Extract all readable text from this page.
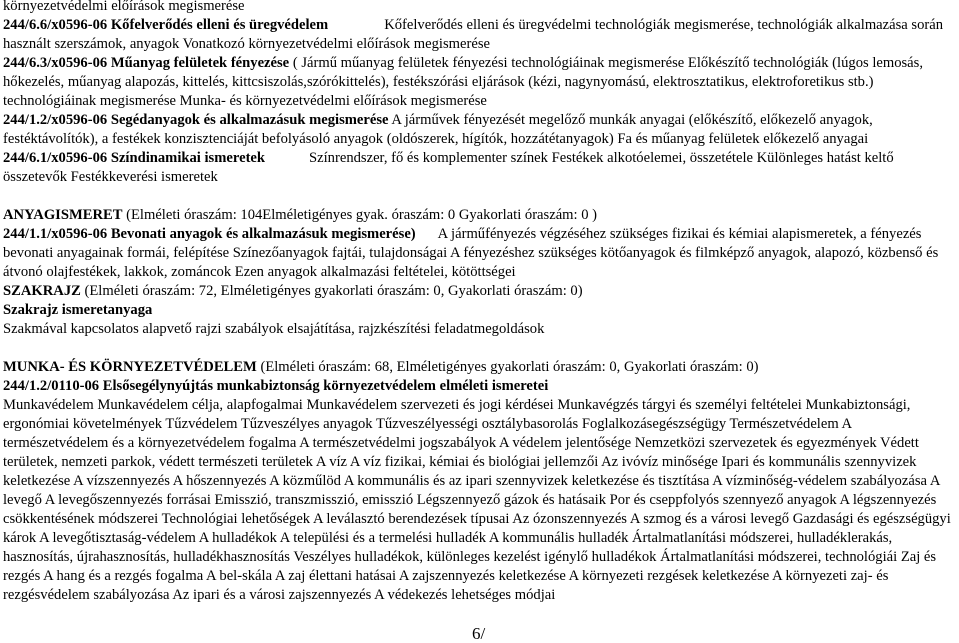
környezetvédelmi előírások megismerése

244/6.6/x0596-06 Kőfelverődés elleni és üregvédelem	Kőfelverődés elleni és üregvédelmi technológiák megismerése, technológiák alkalmazása során használt szerszámok, anyagok Vonatkozó környezetvédelmi előírások megismerése

244/6.3/x0596-06 Műanyag felületek fényezése ( Jármű műanyag felületek fényezési technológiáinak megismerése Előkészítő technológiák (lúgos lemosás, hőkezelés, műanyag alapozás, kittelés, kittcsiszolás,szórókittelés), festékszórási eljárások (kézi, nagynyomású, elektrosztatikus, elektroforetikus stb.) technológiáinak megismerése Munka- és környezetvédelmi előírások megismerése

244/1.2/x0596-06 Segédanyagok és alkalmazásuk megismerése A járművek fényezését megelőző munkák anyagai (előkészítő, előkezelő anyagok, festéktávolítók), a festékek konzisztenciáját befolyásoló anyagok (oldószerek, hígítók, hozzátétanyagok) Fa és műanyag felületek előkezelő anyagai

244/6.1/x0596-06 Színdinamikai ismeretek	Színrendszer, fő és komplementer színek Festékek alkotóelemei, összetétele Különleges hatást keltő összetevők Festékkeverési ismeretek

ANYAGISMERET (Elméleti óraszám: 104Elméletigényes gyak. óraszám: 0 Gyakorlati óraszám: 0 )

244/1.1/x0596-06 Bevonati anyagok és alkalmazásuk megismerése) A járműfényezés végzéséhez szükséges fizikai és kémiai alapismeretek, a fényezés bevonati anyagainak formái, felépítése Színezőanyagok fajtái, tulajdonságai A fényezéshez szükséges kötőanyagok és filmképző anyagok, alapozó, közbenső és átvonó olajfestékek, lakkok, zománcok Ezen anyagok alkalmazási feltételei, kötöttségei

SZAKRAJZ (Elméleti óraszám: 72, Elméletigényes gyakorlati óraszám: 0, Gyakorlati óraszám: 0)

Szakrajz ismeretanyaga

Szakmával kapcsolatos alapvető rajzi szabályok elsajátítása, rajzkészítési feladatmegoldások

MUNKA- ÉS KÖRNYEZETVÉDELEM (Elméleti óraszám: 68, Elméletigényes gyakorlati óraszám: 0, Gyakorlati óraszám: 0)

244/1.2/0110-06 Elsősegélynyújtás munkabiztonság környezetvédelem elméleti ismeretei

Munkavédelem Munkavédelem célja, alapfogalmai Munkavédelem szervezeti és jogi kérdései Munkavégzés tárgyi és személyi feltételei Munkabiztonsági, ergonómiai követelmények Tűzvédelem Tűzveszélyes anyagok Tűzveszélyességi osztálybasorolás Foglalkozásegészségügy Természetvédelem A természetvédelem és a környezetvédelem fogalma A természetvédelmi jogszabályok A védelem jelentősége Nemzetközi szervezetek és egyezmények Védett területek, nemzeti parkok, védett természeti területek A víz A víz fizikai, kémiai és biológiai jellemzői Az ivóvíz minősége Ipari és kommunális szennyvizek keletkezése A vízszennyezés A hőszennyezés A közműlöd A kommunális és az ipari szennyvizek keletkezése és tisztítása A vízminőség-védelem szabályozása A levegő A levegőszennyezés forrásai Emisszió, transzmisszió, emisszió Légszennyező gázok és hatásaik Por és cseppfolyós szennyező anyagok A légszennyezés csökkentésének módszerei Technológiai lehetőségek A leválasztó berendezések típusai Az ózonszennyezés A szmog és a városi levegő Gazdasági és egészségügyi károk A levegőtisztaság-védelem A hulladékok A települési és a termelési hulladék A kommunális hulladék Ártalmatlanítási módszerei, hulladéklerakás, hasznosítás, újrahasznosítás, hulladékhasznosítás Veszélyes hulladékok, különleges kezelést igénylő hulladékok Ártalmatlanítási módszerei, technológiái Zaj és rezgés A hang és a rezgés fogalma A bel-skála A zaj élettani hatásai A zajszennyezés keletkezése A környezeti rezgések keletkezése A környezeti zaj- és rezgésvédelem szabályozása Az ipari és a városi zajszennyezés A védekezés lehetséges módjai

6/
